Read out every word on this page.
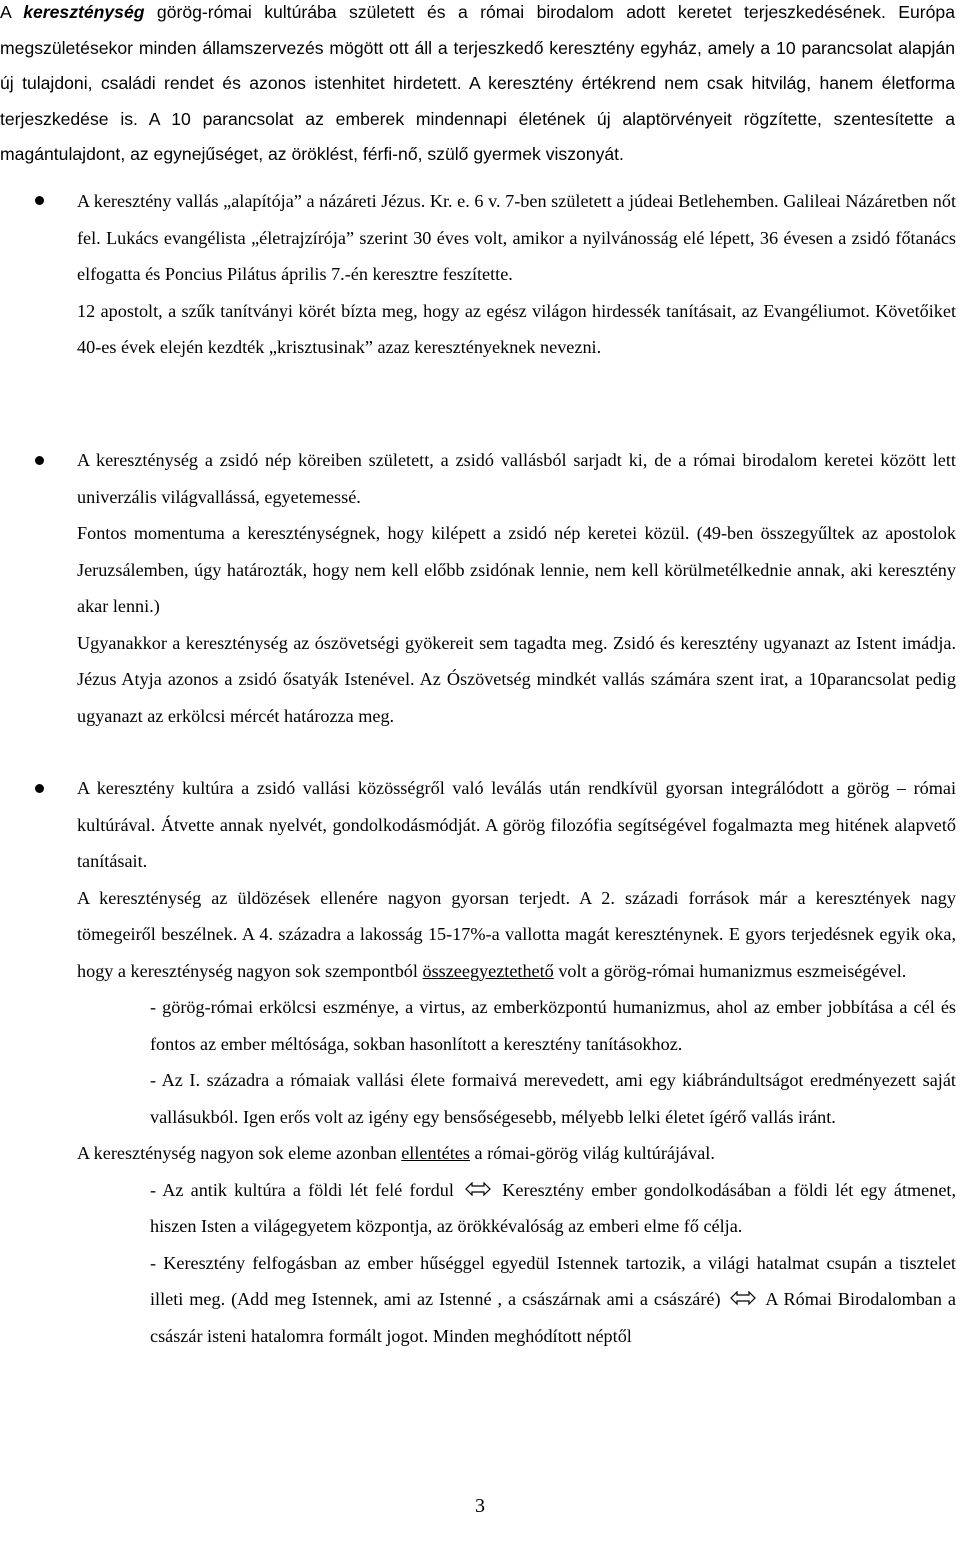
A kereszténység görög-római kultúrába született és a római birodalom adott keretet terjeszkedésének. Európa megszületésekor minden államszervezés mögött ott áll a terjeszkedő keresztény egyház, amely a 10 parancsolat alapján új tulajdoni, családi rendet és azonos istenhitet hirdetett. A keresztény értékrend nem csak hitvilág, hanem életforma terjeszkedése is. A 10 parancsolat az emberek mindennapi életének új alaptörvényeit rögzítette, szentesítette a magántulajdont, az egynejűséget, az öröklést, férfi-nő, szülő gyermek viszonyát.

A keresztény vallás „alapítója” a názáreti Jézus. Kr. e. 6 v. 7-ben született a júdeai Betlehemben. Galileai Názáretben nőt fel. Lukács evangélista „életrajzírója” szerint 30 éves volt, amikor a nyilvánosság elé lépett, 36 évesen a zsidó főtanács elfogatta és Poncius Pilátus április 7.-én keresztre feszítette.

12 apostolt, a szűk tanítványi körét bízta meg, hogy az egész világon hirdessék tanításait, az Evangéliumot. Követőiket 40-es évek elején kezdték „krisztusinak” azaz keresztényeknek nevezni.

A kereszténység a zsidó nép köreiben született, a zsidó vallásból sarjadt ki, de a római birodalom keretei között lett univerzális világvallássá, egyetemessé.

Fontos momentuma a kereszténységnek, hogy kilépett a zsidó nép keretei közül. (49-ben összegyűltek az apostolok Jeruzsálemben, úgy határozták, hogy nem kell előbb zsidónak lennie, nem kell körülmetélkednie annak, aki keresztény akar lenni.)

Ugyanakkor a kereszténység az ószövetségi gyökereit sem tagadta meg. Zsidó és keresztény ugyanazt az Istent imádja. Jézus Atyja azonos a zsidó ősatyák Istenével. Az Ószövetség mindkét vallás számára szent irat, a 10parancsolat pedig ugyanazt az erkölcsi mércét határozza meg.

A keresztény kultúra a zsidó vallási közösségről való leválás után rendkívül gyorsan integrálódott a görög – római kultúrával. Átvette annak nyelvét, gondolkodásmódját. A görög filozófia segítségével fogalmazta meg hitének alapvető tanításait.

A kereszténység az üldözések ellenére nagyon gyorsan terjedt. A 2. századi források már a keresztények nagy tömegeiről beszélnek. A 4. századra a lakosság 15-17%-a vallotta magát kereszténynek. E gyors terjedésnek egyik oka, hogy a kereszténység nagyon sok szempontból összeegyeztethető volt a görög-római humanizmus eszmeiségével.

- görög-római erkölcsi eszménye, a virtus, az emberközpontú humanizmus, ahol az ember jobbítása a cél és fontos az ember méltósága, sokban hasonlított a keresztény tanításokhoz.

- Az I. századra a rómaiak vallási élete formaivá merevedett, ami egy kiábrándultságot eredményezett saját vallásukból. Igen erős volt az igény egy bensőségesebb, mélyebb lelki életet ígérő vallás iránt.

A kereszténység nagyon sok eleme azonban ellentétes a római-görög világ kultúrájával.

- Az antik kultúra a földi lét felé fordul	Keresztény ember gondolkodásában a földi lét egy átmenet, hiszen Isten a világegyetem központja, az örökkévalóság az emberi elme fő célja.

- Keresztény felfogásban az ember hűséggel egyedül Istennek tartozik, a világi hatalmat csupán a tisztelet illeti meg. (Add meg Istennek, ami az Istenné , a császárnak ami a császáré) A Római Birodalomban a császár isteni hatalomra formált jogot. Minden meghódított néptől

3
